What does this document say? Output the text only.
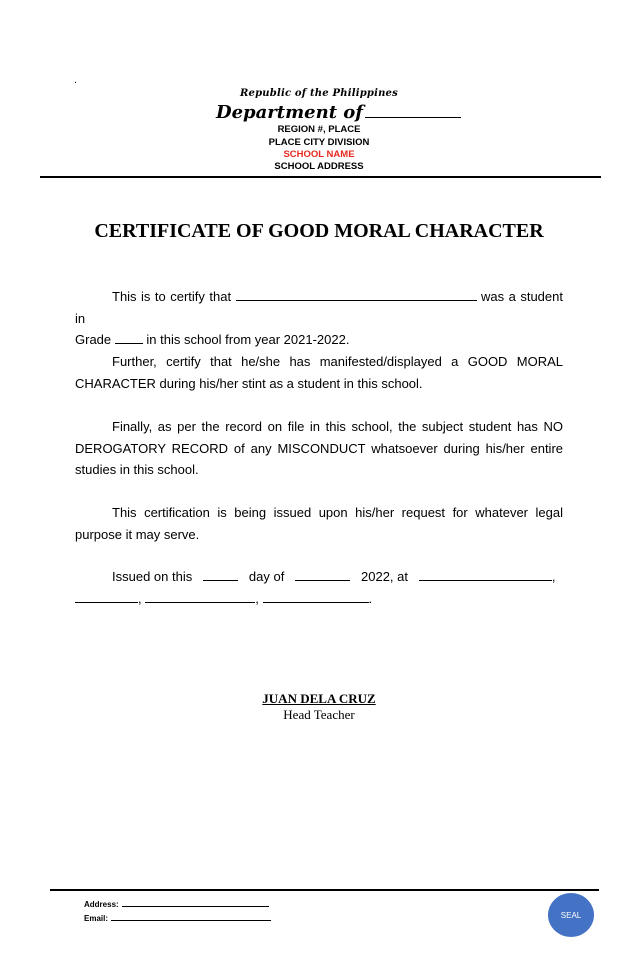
.
Republic of the Philippines
Department of
REGION #, PLACE
PLACE CITY DIVISION
SCHOOL NAME
SCHOOL ADDRESS
CERTIFICATE OF GOOD MORAL CHARACTER
This is to certify that	was a student in
Grade	in this school from year 2021-2022.
Further, certify that he/she has manifested/displayed a GOOD MORAL CHARACTER during his/her stint as a student in this school.
Finally, as per the record on file in this school, the subject student has NO DEROGATORY RECORD of any MISCONDUCT whatsoever during his/her entire studies in this school.
This certification is being issued upon his/her request for whatever legal purpose it may serve.
Issued on this	day of	2022, at	,
,	,	.
JUAN DELA CRUZ
Head Teacher
Address:
Email:	SEAL
